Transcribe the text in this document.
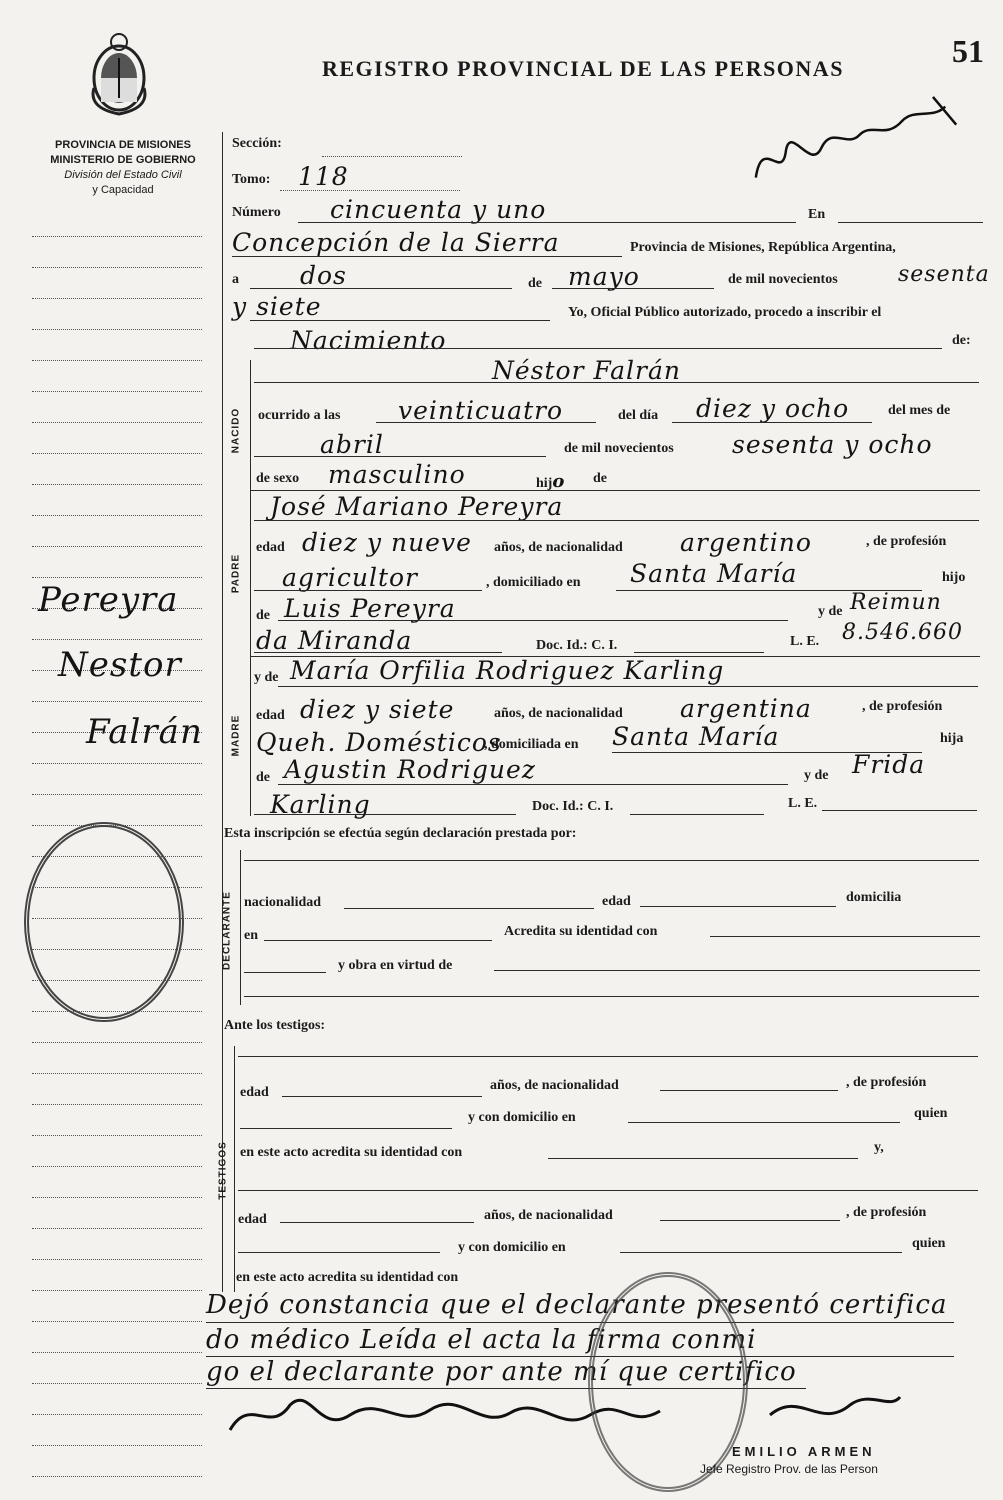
REGISTRO PROVINCIAL DE LAS PERSONAS	51
PROVINCIA DE MISIONES
MINISTERIO DE GOBIERNO
División del Estado Civil
y Capacidad
Pereyra
Nestor
Falrán
Sección:
Tomo: 118
Número cincuenta y uno	En
Concepción de la Sierra	Provincia de Misiones, República Argentina,
a dos	de mayo	de mil novecientos	sesenta
y siete	Yo, Oficial Público autorizado, procedo a inscribir el
Nacimiento	de:
NACIDO
Néstor Falrán
ocurrido a las veinticuatro	del día diez y ocho	del mes de
abril	de mil novecientos sesenta y ocho
de sexo masculino	hijo de
PADRE
José Mariano Pereyra
edad diez y nueve años, de nacionalidad argentino	, de profesión
agricultor	, domiciliado en Santa María	hijo
de Luis Pereyra	y de Reimun
da Miranda	Doc. Id.: C. I.	L. E. 8.546.660
MADRE
y de María Orfilia Rodriguez Karling
edad diez y siete	años, de nacionalidad argentina	, de profesión
Queh. Domésticos
, domiciliada en Santa María	hija
de Agustin Rodriguez	y de Frida
Karling	Doc. Id.: C. I.	L. E.
Esta inscripción se efectúa según declaración prestada por:
DECLARANTE nacionalidad	edad	domicilia
en	Acredita su identidad con
y obra en virtud de
Ante los testigos:
TESTIGOS
edad	años, de nacionalidad	, de profesión
y con domicilio en	quien
en este acto acredita su identidad con	y,
edad	años, de nacionalidad	, de profesión
y con domicilio en	quien
en este acto acredita su identidad con
Dejó constancia que el declarante presentó certifica
do médico Leída el acta la firma conmi
go el declarante por ante mí que certifico
EMILIO ARMEN
Jefe Registro Prov. de las Person
